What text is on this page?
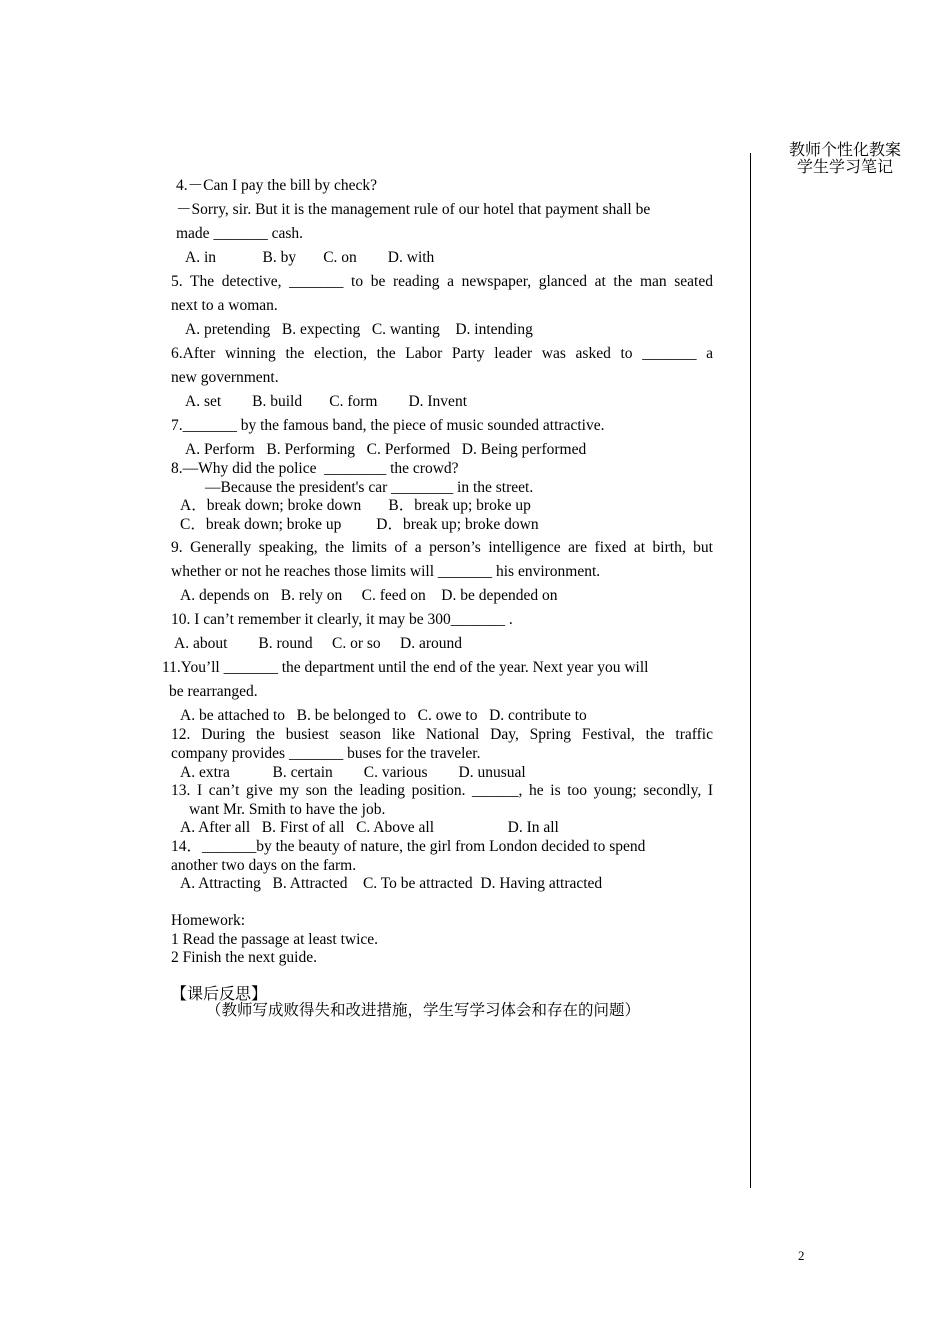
教师个性化教案
学生学习笔记
4.－Can I pay the bill by check?
－Sorry, sir. But it is the management rule of our hotel that payment shall be
made _______ cash.
A. in            B. by       C. on        D. with
5. The detective, _______ to be reading a newspaper, glanced at the man seated
next to a woman.
A. pretending   B. expecting   C. wanting    D. intending
6.After winning the election, the Labor Party leader was asked to _______ a
new government.
A. set        B. build       C. form        D. Invent
7._______ by the famous band, the piece of music sounded attractive.
A. Perform   B. Performing   C. Performed   D. Being performed
8.—Why did the police  ________ the crowd?
—Because the president's car ________ in the street.
A．break down; broke down       B．break up; broke up
C．break down; broke up         D．break up; broke down
9. Generally speaking, the limits of a person’s intelligence are fixed at birth, but
whether or not he reaches those limits will _______ his environment.
A. depends on   B. rely on     C. feed on    D. be depended on
10. I can’t remember it clearly, it may be 300_______ .
A. about        B. round     C. or so     D. around
11.You’ll _______ the department until the end of the year. Next year you will
be rearranged.
A. be attached to   B. be belonged to   C. owe to   D. contribute to
12. During the busiest season like National Day, Spring Festival, the traffic
company provides _______ buses for the traveler.
A. extra           B. certain        C. various        D. unusual
13. I can’t give my son the leading position. ______, he is too young; secondly, I
want Mr. Smith to have the job.
A. After all   B. First of all   C. Above all                   D. In all
14．_______by the beauty of nature, the girl from London decided to spend
another two days on the farm.
A. Attracting   B. Attracted    C. To be attracted  D. Having attracted
Homework:
1 Read the passage at least twice.
2 Finish the next guide.
【课后反思】
（教师写成败得失和改进措施，学生写学习体会和存在的问题）
2
